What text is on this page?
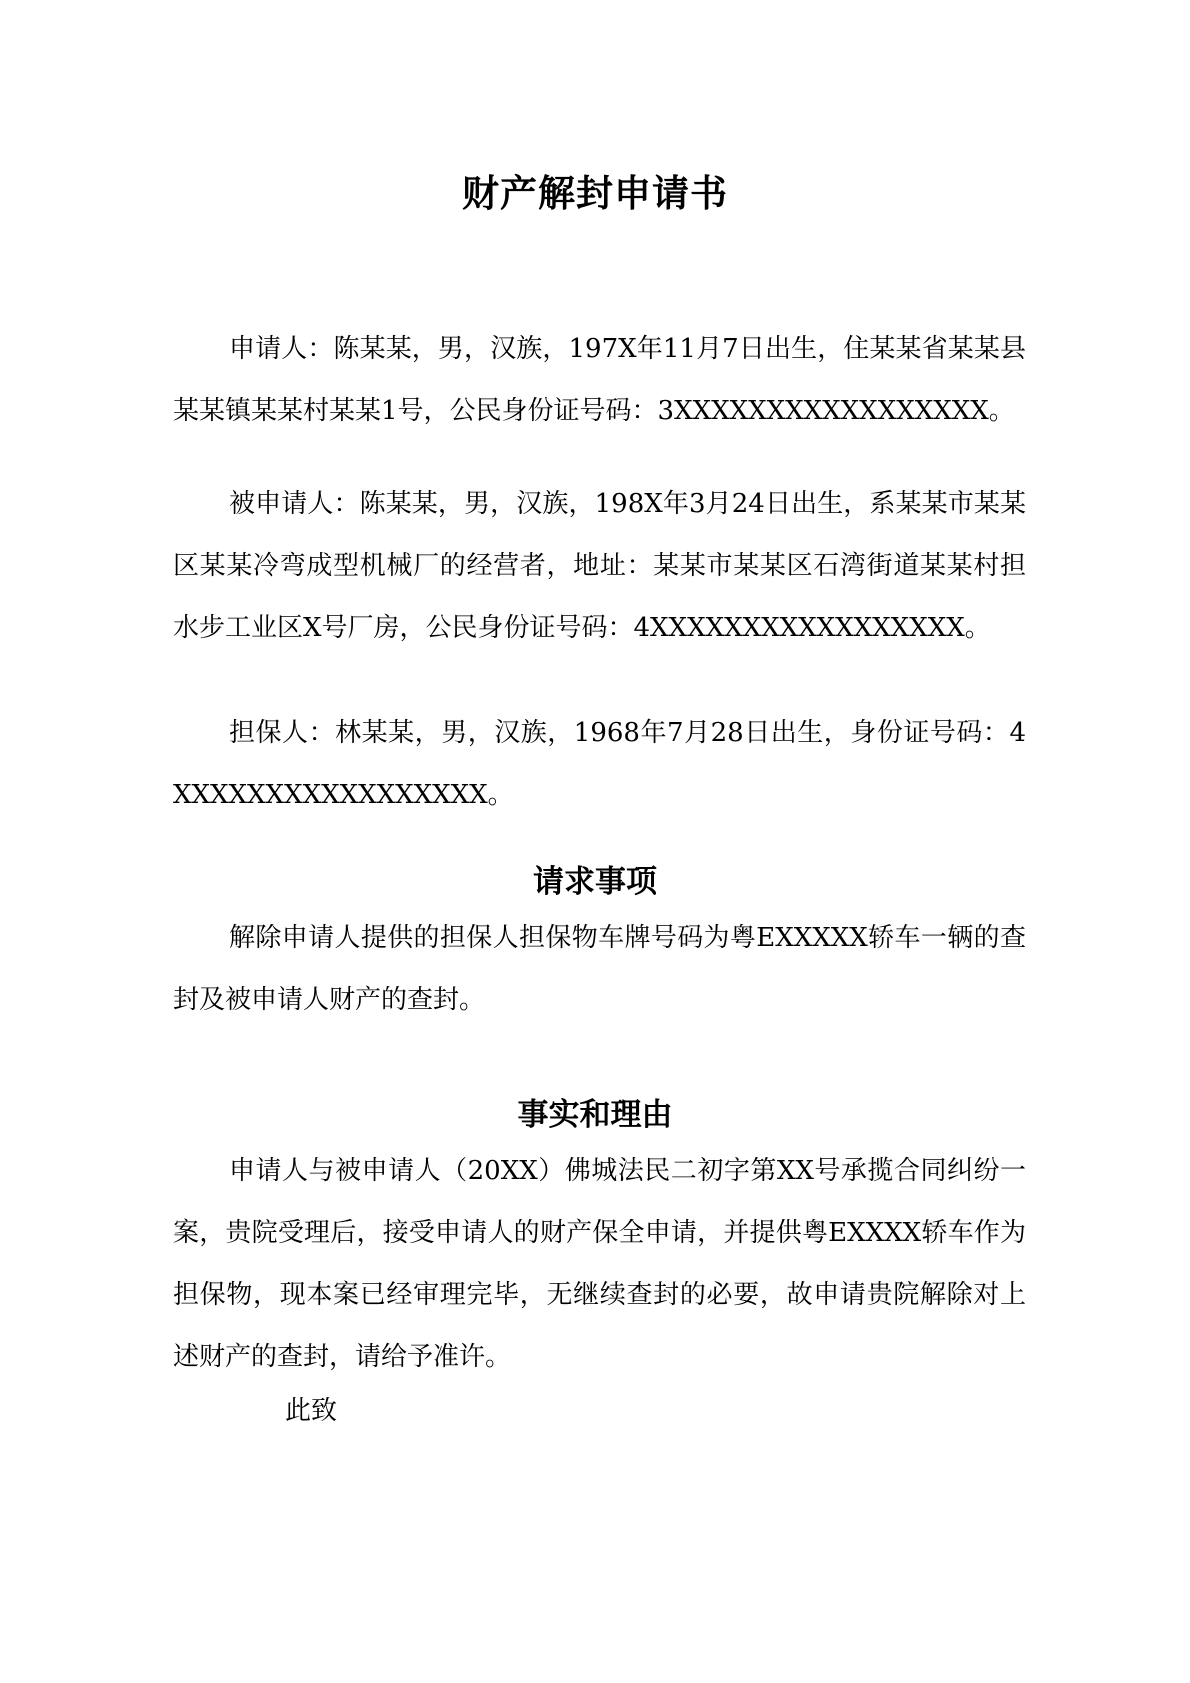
财产解封申请书

申请人：陈某某，男，汉族，197X年11月7日出生，住某某省某某县某某镇某某村某某1号，公民身份证号码：3XXXXXXXXXXXXXXXXX。

被申请人：陈某某，男，汉族，198X年3月24日出生，系某某市某某区某某冷弯成型机械厂的经营者，地址：某某市某某区石湾街道某某村担水步工业区X号厂房，公民身份证号码：4XXXXXXXXXXXXXXXXX。

担保人：林某某，男，汉族，1968年7月28日出生，身份证号码：4XXXXXXXXXXXXXXXXX。

请求事项

解除申请人提供的担保人担保物车牌号码为粤EXXXXX轿车一辆的查封及被申请人财产的查封。

事实和理由

申请人与被申请人（20XX）佛城法民二初字第XX号承揽合同纠纷一案，贵院受理后，接受申请人的财产保全申请，并提供粤EXXXX轿车作为担保物，现本案已经审理完毕，无继续查封的必要，故申请贵院解除对上述财产的查封，请给予准许。

此致
